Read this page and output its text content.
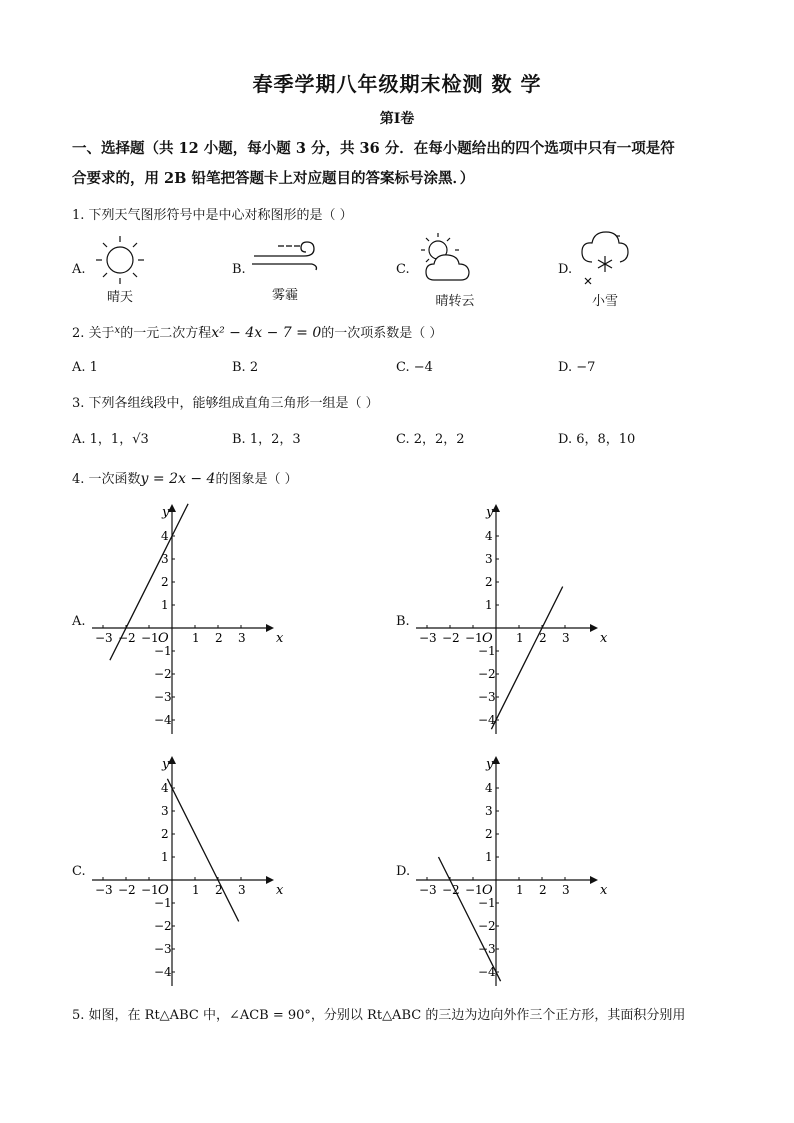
春季学期八年级期末检测 数 学
第Ⅰ卷
一、选择题（共 12 小题，每小题 3 分，共 36 分．在每小题给出的四个选项中只有一项是符
合要求的，用 2B 铅笔把答题卡上对应题目的答案标号涂黑．）
1. 下列天气图形符号中是中心对称图形的是（ ）
A.
晴天
B.
雾霾
C.
晴转云
D.
小雪
2. 关于$^x$的一元二次方程x² − 4x − 7 = 0的一次项系数是（ ）
A. 1	B. 2	C. −4	D. −7
3. 下列各组线段中，能够组成直角三角形一组是（ ）
A. 1，1，√3	B. 1，2，3	C. 2，2，2	D. 6，8，10
4. 一次函数y = 2x − 4的图象是（ ）
A.	B.
C.	D.
x
y
O
−3 −2 −1	1 2 3
4
3
2
1
−1
−2
−3
−4
x
y
O
−3 −2 −1	1 2 3
4
3
2
1
−1
−2
−3
−4
x
y
O
−3 −2 −1	1 2 3
4
3
2
1
−1
−2
−3
−4
x
y
O
−3 −2 −1	1 2 3
4
3
2
1
−1
−2
−3
−4
5. 如图，在 Rt△ABC 中，∠ACB = 90°，分别以 Rt△ABC 的三边为边向外作三个正方形，其面积分别用
